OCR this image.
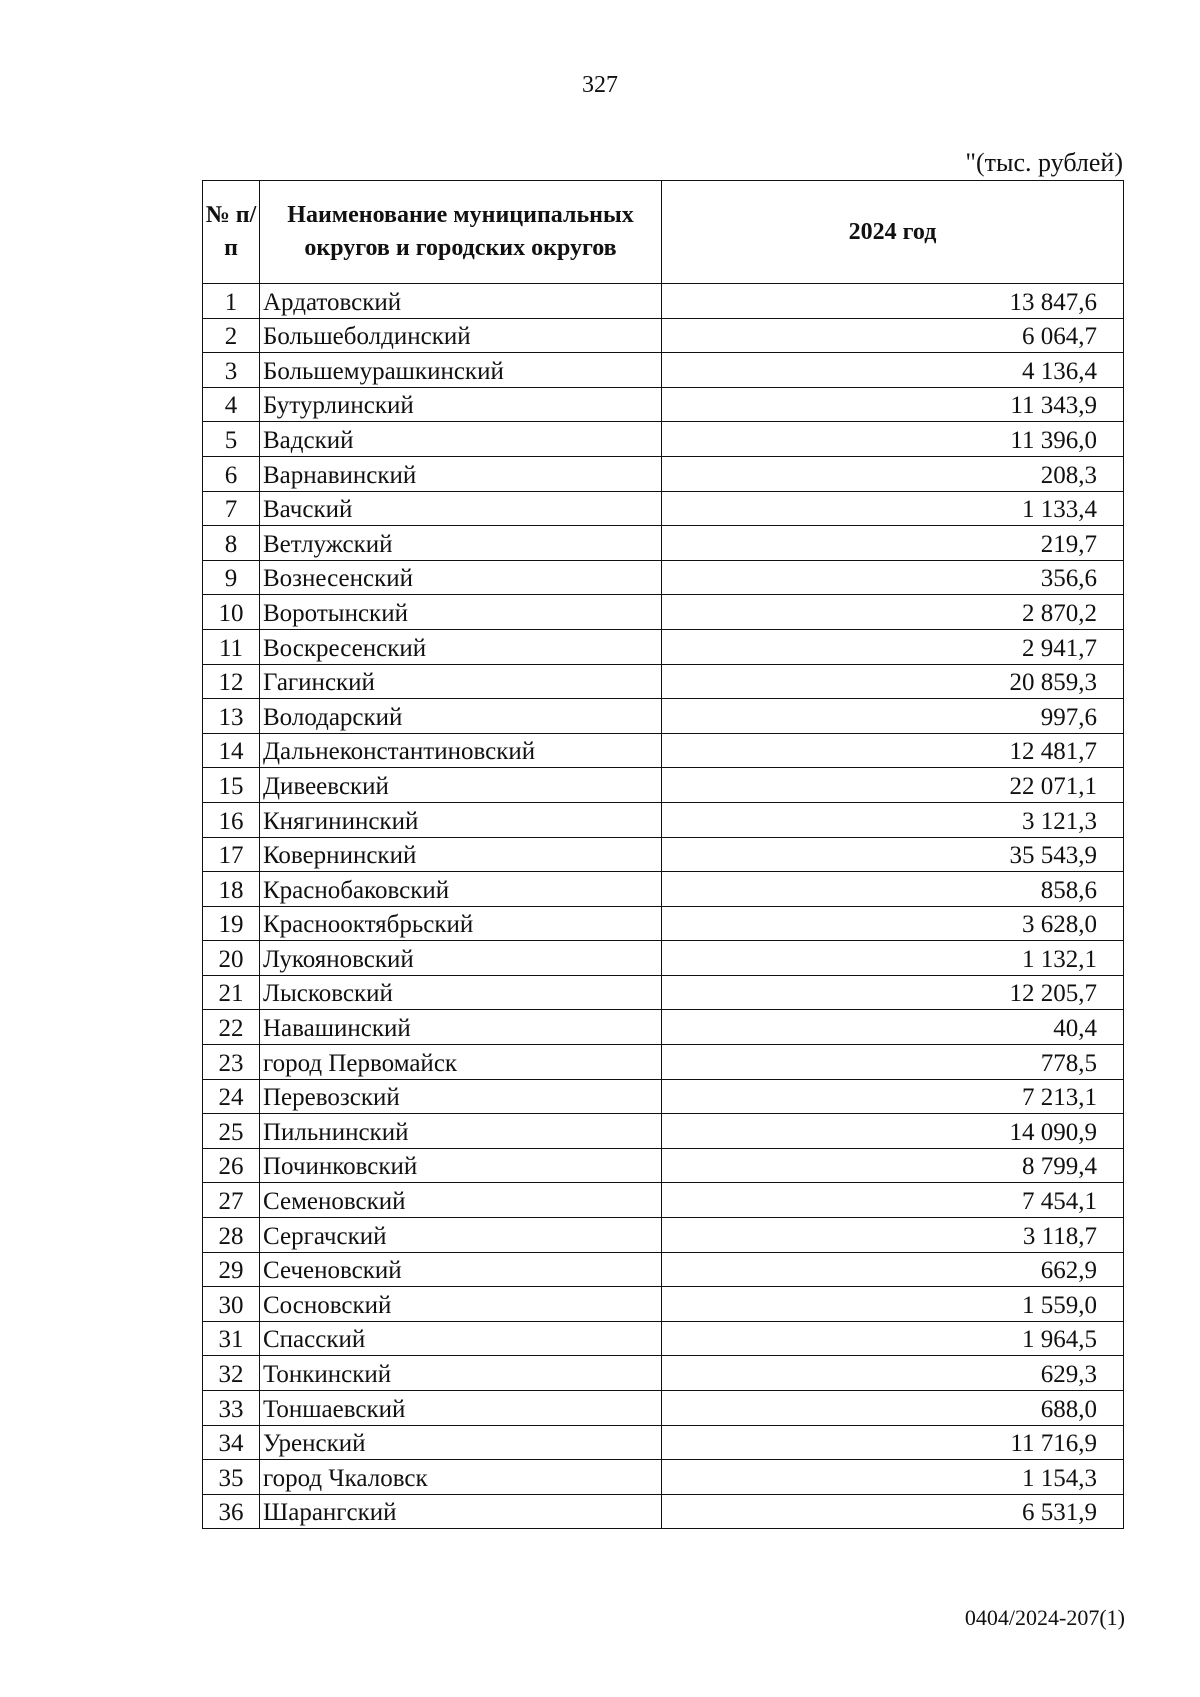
327
"(тыс. рублей)
№ п/п	Наименование муниципальных округов и городских округов	2024 год
1	Ардатовский	13 847,6
2	Большеболдинский	6 064,7
3	Большемурашкинский	4 136,4
4	Бутурлинский	11 343,9
5	Вадский	11 396,0
6	Варнавинский	208,3
7	Вачский	1 133,4
8	Ветлужский	219,7
9	Вознесенский	356,6
10	Воротынский	2 870,2
11	Воскресенский	2 941,7
12	Гагинский	20 859,3
13	Володарский	997,6
14	Дальнеконстантиновский	12 481,7
15	Дивеевский	22 071,1
16	Княгининский	3 121,3
17	Ковернинский	35 543,9
18	Краснобаковский	858,6
19	Краснооктябрьский	3 628,0
20	Лукояновский	1 132,1
21	Лысковский	12 205,7
22	Навашинский	40,4
23	город Первомайск	778,5
24	Перевозский	7 213,1
25	Пильнинский	14 090,9
26	Починковский	8 799,4
27	Семеновский	7 454,1
28	Сергачский	3 118,7
29	Сеченовский	662,9
30	Сосновский	1 559,0
31	Спасский	1 964,5
32	Тонкинский	629,3
33	Тоншаевский	688,0
34	Уренский	11 716,9
35	город Чкаловск	1 154,3
36	Шарангский	6 531,9
0404/2024-207(1)
